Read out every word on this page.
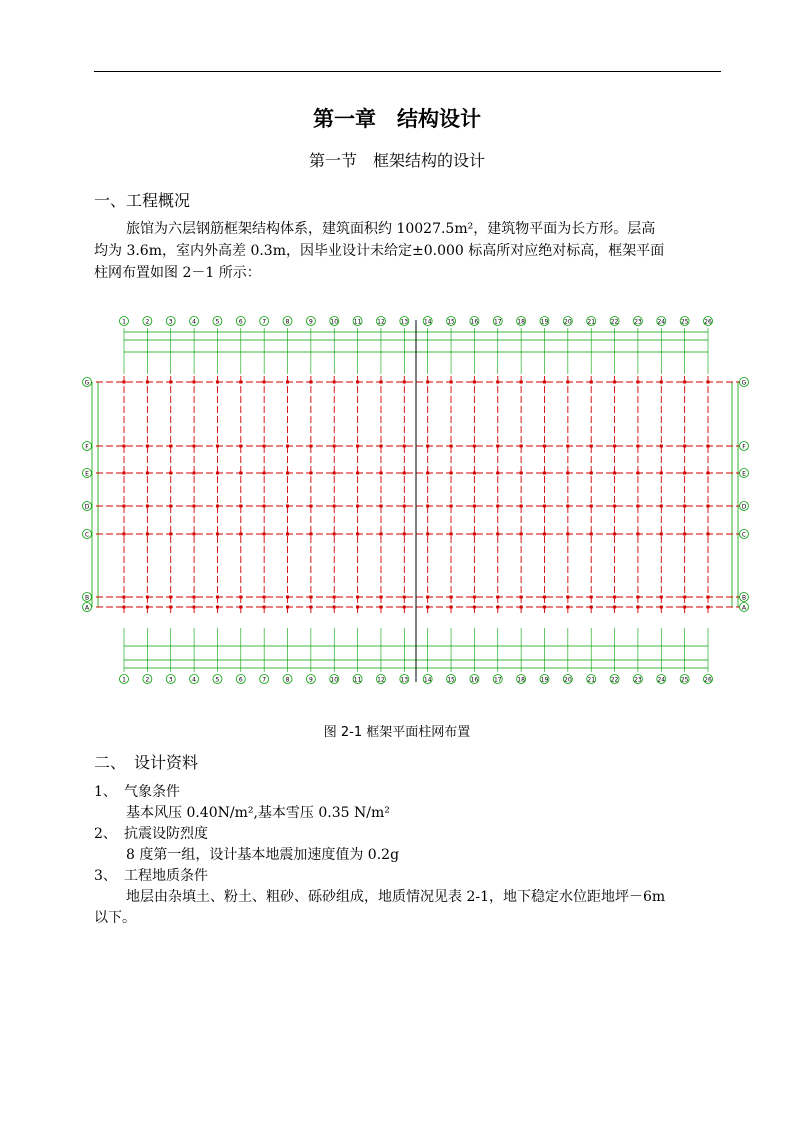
第一章　结构设计
第一节　框架结构的设计
一、工程概况
旅馆为六层钢筋框架结构体系，建筑面积约 10027.5m²，建筑物平面为长方形。层高
均为 3.6m，室内外高差 0.3m，因毕业设计未给定±0.000 标高所对应绝对标高，框架平面
柱网布置如图 2－1 所示：
1
1
2
2
3
3
4
4
5
5
6
6
7
7
8
8
9
9
10
10
11
11
12
12
13
13
14
14
15
15
16
16
17
17
18
18
19
19
20
20
21
21
22
22
23
23
24
24
25
25
26
26
G	G
F	F
E	E
D	D
C	C
B	B
A	A
图 2-1 框架平面柱网布置
二、　设计资料
1、 气象条件
基本风压 0.40N/m²,基本雪压 0.35 N/m²
2、 抗震设防烈度
8 度第一组，设计基本地震加速度值为 0.2g
3、 工程地质条件
地层由杂填土、粉土、粗砂、砾砂组成，地质情况见表 2-1，地下稳定水位距地坪－6m
以下。
